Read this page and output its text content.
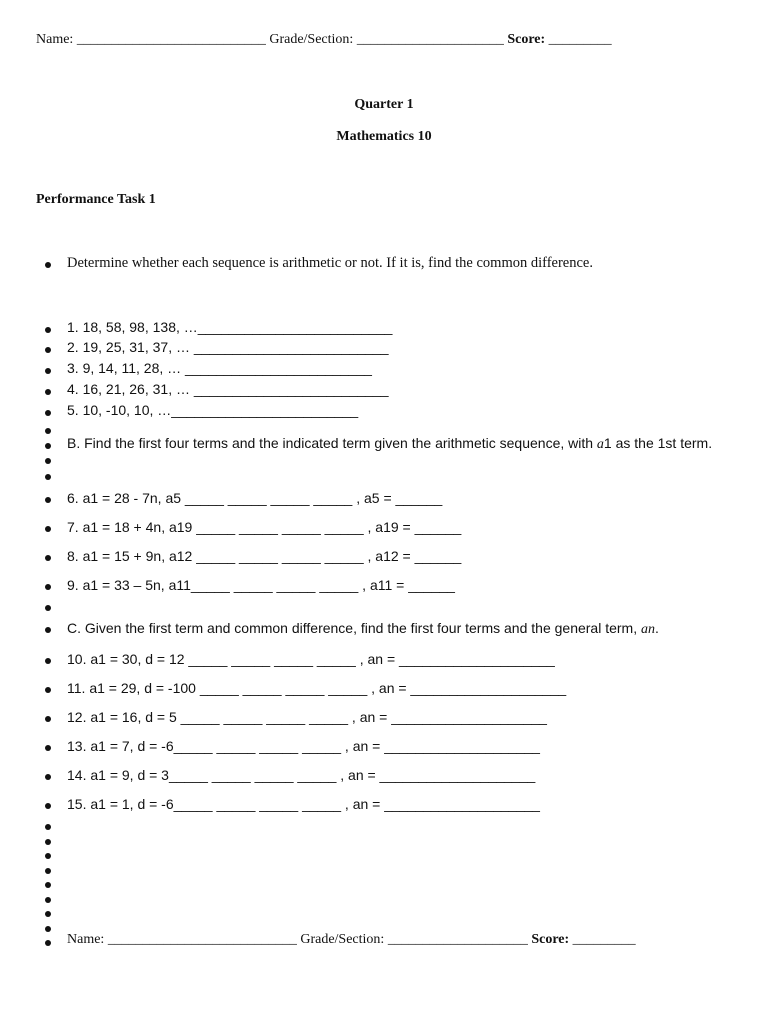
Name: ___________________________ Grade/Section: _____________________ Score: _________
Quarter 1
Mathematics 10
Performance Task 1
Determine whether each sequence is arithmetic or not. If it is, find the common difference.
1. 18, 58, 98, 138, …_________________________
2. 19, 25, 31, 37, … _________________________
3. 9, 14, 11, 28, … ________________________
4. 16, 21, 26, 31, … _________________________
5. 10, -10, 10, …________________________
B. Find the first four terms and the indicated term given the arithmetic sequence, with a1 as the 1st term.
6. a1 = 28 - 7n, a5 _____ _____ _____ _____ , a5 = ______
7. a1 = 18 + 4n, a19 _____ _____ _____ _____ , a19 = ______
8. a1 = 15 + 9n, a12 _____ _____ _____ _____ , a12 = ______
9. a1 = 33 – 5n, a11_____ _____ _____ _____ , a11 = ______
C. Given the first term and common difference, find the first four terms and the general term, an.
10. a1 = 30, d = 12 _____ _____ _____ _____ , an = ____________________
11. a1 = 29, d = -100 _____ _____ _____ _____ , an = ____________________
12. a1 = 16, d = 5 _____ _____ _____ _____ , an = ____________________
13. a1 = 7, d = -6_____ _____ _____ _____ , an = ____________________
14. a1 = 9, d = 3_____ _____ _____ _____ , an = ____________________
15. a1 = 1, d = -6_____ _____ _____ _____ , an = ____________________
Name: ___________________________ Grade/Section: ____________________ Score: _________
